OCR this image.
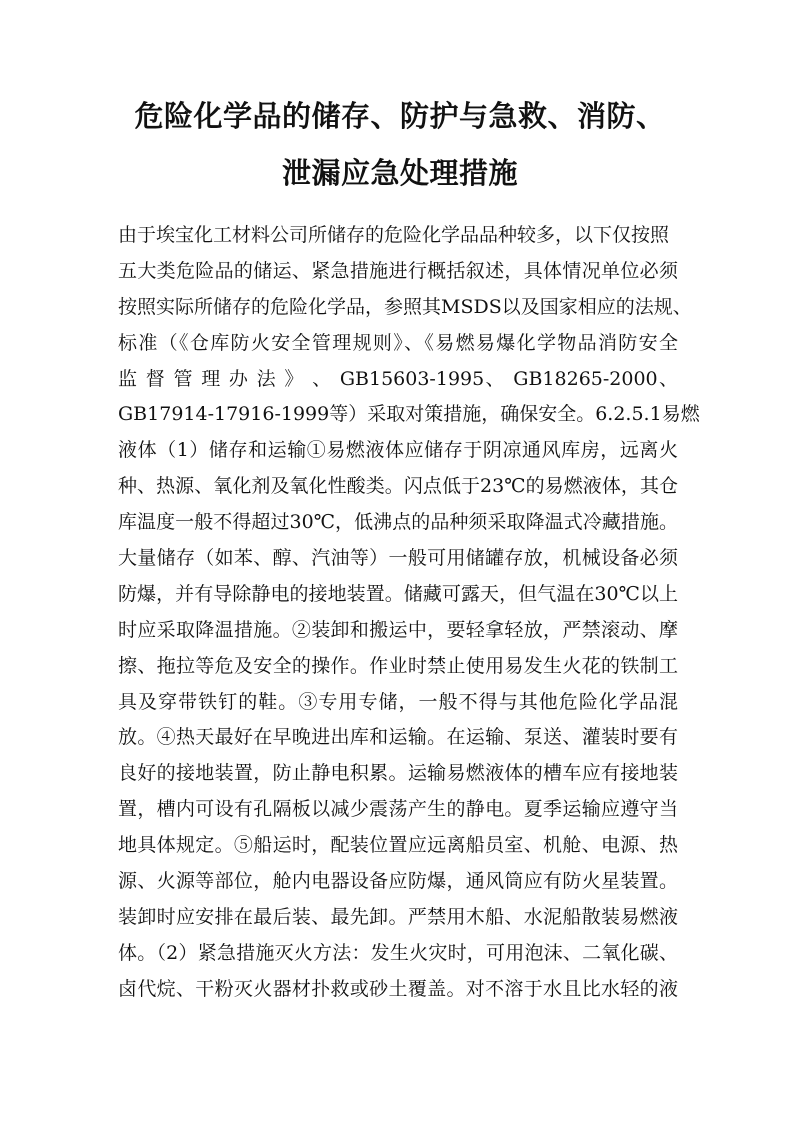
危险化学品的储存、防护与急救、消防、
泄漏应急处理措施
由于埃宝化工材料公司所储存的危险化学品品种较多，以下仅按照
五大类危险品的储运、紧急措施进行概括叙述，具体情况单位必须
按照实际所储存的危险化学品，参照其MSDS以及国家相应的法规、
标准（《仓库防火安全管理规则》、《易燃易爆化学物品消防安全
监 督 管 理 办 法 》 、 GB15603-1995、 GB18265-2000、
GB17914-17916-1999等）采取对策措施，确保安全。6.2.5.1易燃
液体（1）储存和运输①易燃液体应储存于阴凉通风库房，远离火
种、热源、氧化剂及氧化性酸类。闪点低于23℃的易燃液体，其仓
库温度一般不得超过30℃，低沸点的品种须采取降温式冷藏措施。
大量储存（如苯、醇、汽油等）一般可用储罐存放，机械设备必须
防爆，并有导除静电的接地装置。储藏可露天，但气温在30℃以上
时应采取降温措施。②装卸和搬运中，要轻拿轻放，严禁滚动、摩
擦、拖拉等危及安全的操作。作业时禁止使用易发生火花的铁制工
具及穿带铁钉的鞋。③专用专储，一般不得与其他危险化学品混
放。④热天最好在早晚进出库和运输。在运输、泵送、灌装时要有
良好的接地装置，防止静电积累。运输易燃液体的槽车应有接地装
置，槽内可设有孔隔板以减少震荡产生的静电。夏季运输应遵守当
地具体规定。⑤船运时，配装位置应远离船员室、机舱、电源、热
源、火源等部位，舱内电器设备应防爆，通风筒应有防火星装置。
装卸时应安排在最后装、最先卸。严禁用木船、水泥船散装易燃液
体。（2）紧急措施灭火方法：发生火灾时，可用泡沫、二氧化碳、
卤代烷、干粉灭火器材扑救或砂土覆盖。对不溶于水且比水轻的液
